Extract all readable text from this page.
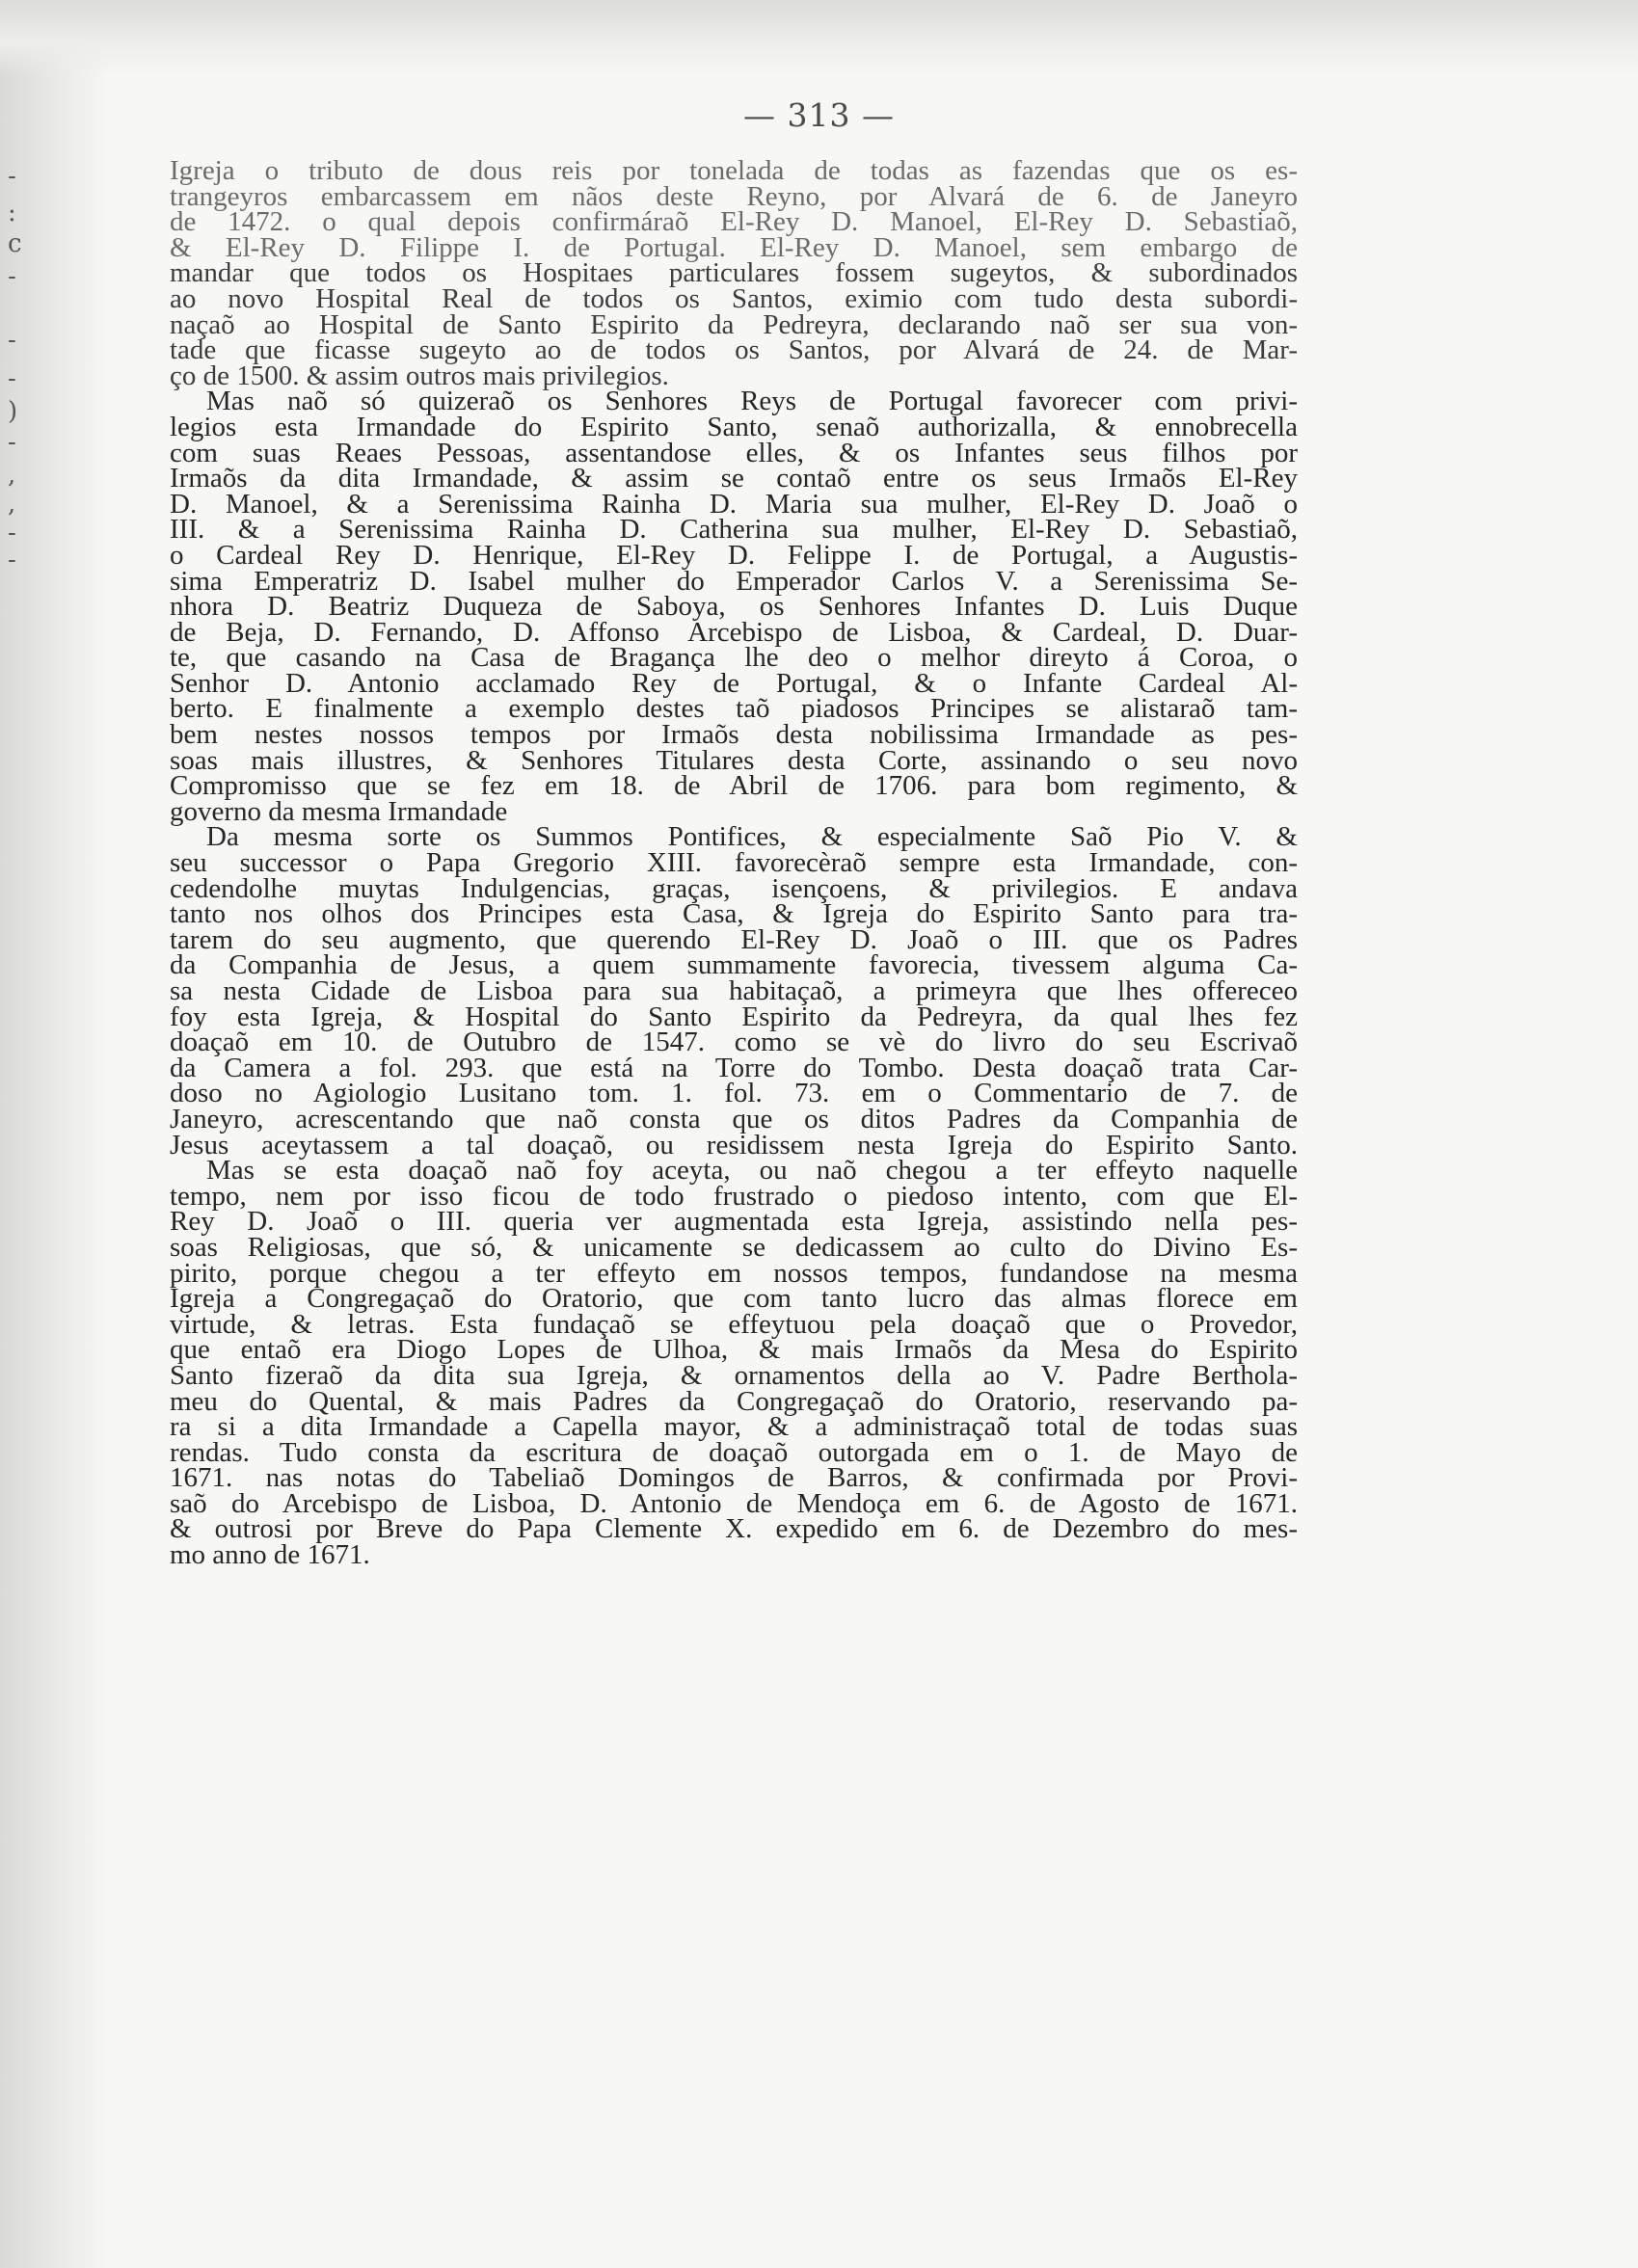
-
:
c
-
-
-
)
-
,
,
-
-
— 313 —
Igreja o tributo de dous reis por tonelada de todas as fazendas que os es-
trangeyros embarcassem em nãos deste Reyno, por Alvará de 6. de Janeyro
de 1472. o qual depois confirmáraõ El-Rey D. Manoel, El-Rey D. Sebastiaõ,
& El-Rey D. Filippe I. de Portugal. El-Rey D. Manoel, sem embargo de
mandar que todos os Hospitaes particulares fossem sugeytos, & subordinados
ao novo Hospital Real de todos os Santos, eximio com tudo desta subordi-
naçaõ ao Hospital de Santo Espirito da Pedreyra, declarando naõ ser sua von-
tade que ficasse sugeyto ao de todos os Santos, por Alvará de 24. de Mar-
ço de 1500. & assim outros mais privilegios.
Mas naõ só quizeraõ os Senhores Reys de Portugal favorecer com privi-
legios esta Irmandade do Espirito Santo, senaõ authorizalla, & ennobrecella
com suas Reaes Pessoas, assentandose elles, & os Infantes seus filhos por
Irmaõs da dita Irmandade, & assim se contaõ entre os seus Irmaõs El-Rey
D. Manoel, & a Serenissima Rainha D. Maria sua mulher, El-Rey D. Joaõ o
III. & a Serenissima Rainha D. Catherina sua mulher, El-Rey D. Sebastiaõ,
o Cardeal Rey D. Henrique, El-Rey D. Felippe I. de Portugal, a Augustis-
sima Emperatriz D. Isabel mulher do Emperador Carlos V. a Serenissima Se-
nhora D. Beatriz Duqueza de Saboya, os Senhores Infantes D. Luis Duque
de Beja, D. Fernando, D. Affonso Arcebispo de Lisboa, & Cardeal, D. Duar-
te, que casando na Casa de Bragança lhe deo o melhor direyto á Coroa, o
Senhor D. Antonio acclamado Rey de Portugal, & o Infante Cardeal Al-
berto. E finalmente a exemplo destes taõ piadosos Principes se alistaraõ tam-
bem nestes nossos tempos por Irmaõs desta nobilissima Irmandade as pes-
soas mais illustres, & Senhores Titulares desta Corte, assinando o seu novo
Compromisso que se fez em 18. de Abril de 1706. para bom regimento, &
governo da mesma Irmandade
Da mesma sorte os Summos Pontifices, & especialmente Saõ Pio V. &
seu successor o Papa Gregorio XIII. favorecèraõ sempre esta Irmandade, con-
cedendolhe muytas Indulgencias, graças, isençoens, & privilegios. E andava
tanto nos olhos dos Principes esta Casa, & Igreja do Espirito Santo para tra-
tarem do seu augmento, que querendo El-Rey D. Joaõ o III. que os Padres
da Companhia de Jesus, a quem summamente favorecia, tivessem alguma Ca-
sa nesta Cidade de Lisboa para sua habitaçaõ, a primeyra que lhes offereceo
foy esta Igreja, & Hospital do Santo Espirito da Pedreyra, da qual lhes fez
doaçaõ em 10. de Outubro de 1547. como se vè do livro do seu Escrivaõ
da Camera a fol. 293. que está na Torre do Tombo. Desta doaçaõ trata Car-
doso no Agiologio Lusitano tom. 1. fol. 73. em o Commentario de 7. de
Janeyro, acrescentando que naõ consta que os ditos Padres da Companhia de
Jesus aceytassem a tal doaçaõ, ou residissem nesta Igreja do Espirito Santo.
Mas se esta doaçaõ naõ foy aceyta, ou naõ chegou a ter effeyto naquelle
tempo, nem por isso ficou de todo frustrado o piedoso intento, com que El-
Rey D. Joaõ o III. queria ver augmentada esta Igreja, assistindo nella pes-
soas Religiosas, que só, & unicamente se dedicassem ao culto do Divino Es-
pirito, porque chegou a ter effeyto em nossos tempos, fundandose na mesma
Igreja a Congregaçaõ do Oratorio, que com tanto lucro das almas florece em
virtude, & letras. Esta fundaçaõ se effeytuou pela doaçaõ que o Provedor,
que entaõ era Diogo Lopes de Ulhoa, & mais Irmaõs da Mesa do Espirito
Santo fizeraõ da dita sua Igreja, & ornamentos della ao V. Padre Berthola-
meu do Quental, & mais Padres da Congregaçaõ do Oratorio, reservando pa-
ra si a dita Irmandade a Capella mayor, & a administraçaõ total de todas suas
rendas. Tudo consta da escritura de doaçaõ outorgada em o 1. de Mayo de
1671. nas notas do Tabeliaõ Domingos de Barros, & confirmada por Provi-
saõ do Arcebispo de Lisboa, D. Antonio de Mendoça em 6. de Agosto de 1671.
& outrosi por Breve do Papa Clemente X. expedido em 6. de Dezembro do mes-
mo anno de 1671.
